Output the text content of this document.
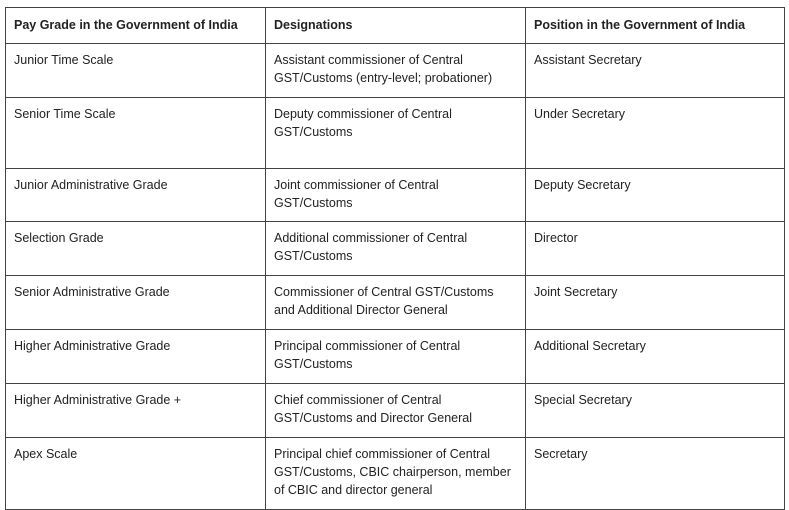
Pay Grade in the Government of India	Designations	Position in the Government of India
Junior Time Scale	Assistant commissioner of Central GST/Customs (entry-level; probationer)	Assistant Secretary
Senior Time Scale	Deputy commissioner of Central GST/Customs	Under Secretary
Junior Administrative Grade	Joint commissioner of Central GST/Customs	Deputy Secretary
Selection Grade	Additional commissioner of Central GST/Customs	Director
Senior Administrative Grade	Commissioner of Central GST/Customs and Additional Director General	Joint Secretary
Higher Administrative Grade	Principal commissioner of Central GST/Customs	Additional Secretary
Higher Administrative Grade +	Chief commissioner of Central GST/Customs and Director General	Special Secretary
Apex Scale	Principal chief commissioner of Central GST/Customs, CBIC chairperson, member of CBIC and director general	Secretary
